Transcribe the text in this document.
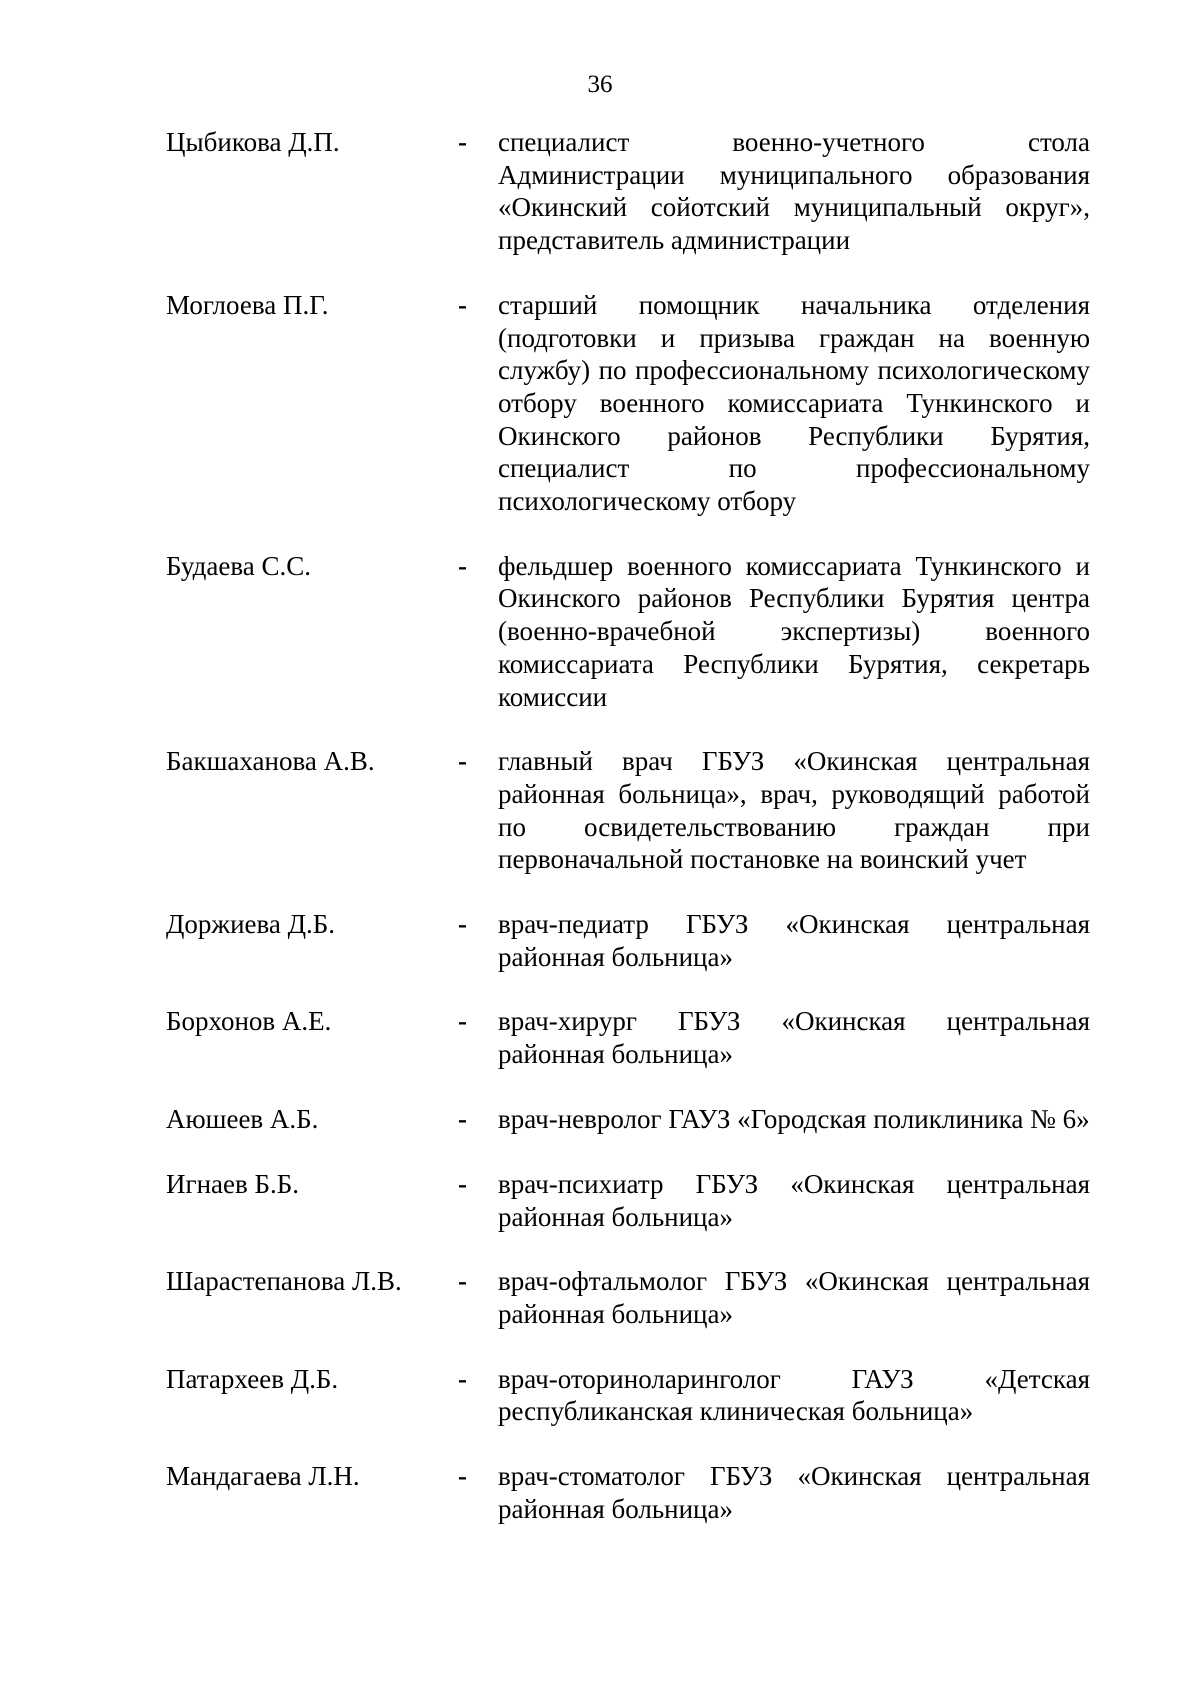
36
Цыбикова Д.П.	-	специалист военно-учетного стола Администрации муниципального образования «Окинский сойотский муниципальный округ», представитель администрации
Моглоева П.Г.	-	старший помощник начальника отделения (подготовки и призыва граждан на военную службу) по профессиональному психологическому отбору военного комиссариата Тункинского и Окинского районов Республики Бурятия, специалист по профессиональному психологическому отбору
Будаева С.С.	-	фельдшер военного комиссариата Тункинского и Окинского районов Республики Бурятия центра (военно-врачебной экспертизы) военного комиссариата Республики Бурятия, секретарь комиссии
Бакшаханова А.В.	-	главный врач ГБУЗ «Окинская центральная районная больница», врач, руководящий работой по освидетельствованию граждан при первоначальной постановке на воинский учет
Доржиева Д.Б.	-	врач-педиатр ГБУЗ «Окинская центральная районная больница»
Борхонов А.Е.	-	врач-хирург ГБУЗ «Окинская центральная районная больница»
Аюшеев А.Б.	-	врач-невролог ГАУЗ «Городская поликлиника № 6»
Игнаев Б.Б.	-	врач-психиатр ГБУЗ «Окинская центральная районная больница»
Шарастепанова Л.В.	-	врач-офтальмолог ГБУЗ «Окинская центральная районная больница»
Патархеев Д.Б.	-	врач-оториноларинголог ГАУЗ «Детская республиканская клиническая больница»
Мандагаева Л.Н.	-	врач-стоматолог ГБУЗ «Окинская центральная районная больница»
